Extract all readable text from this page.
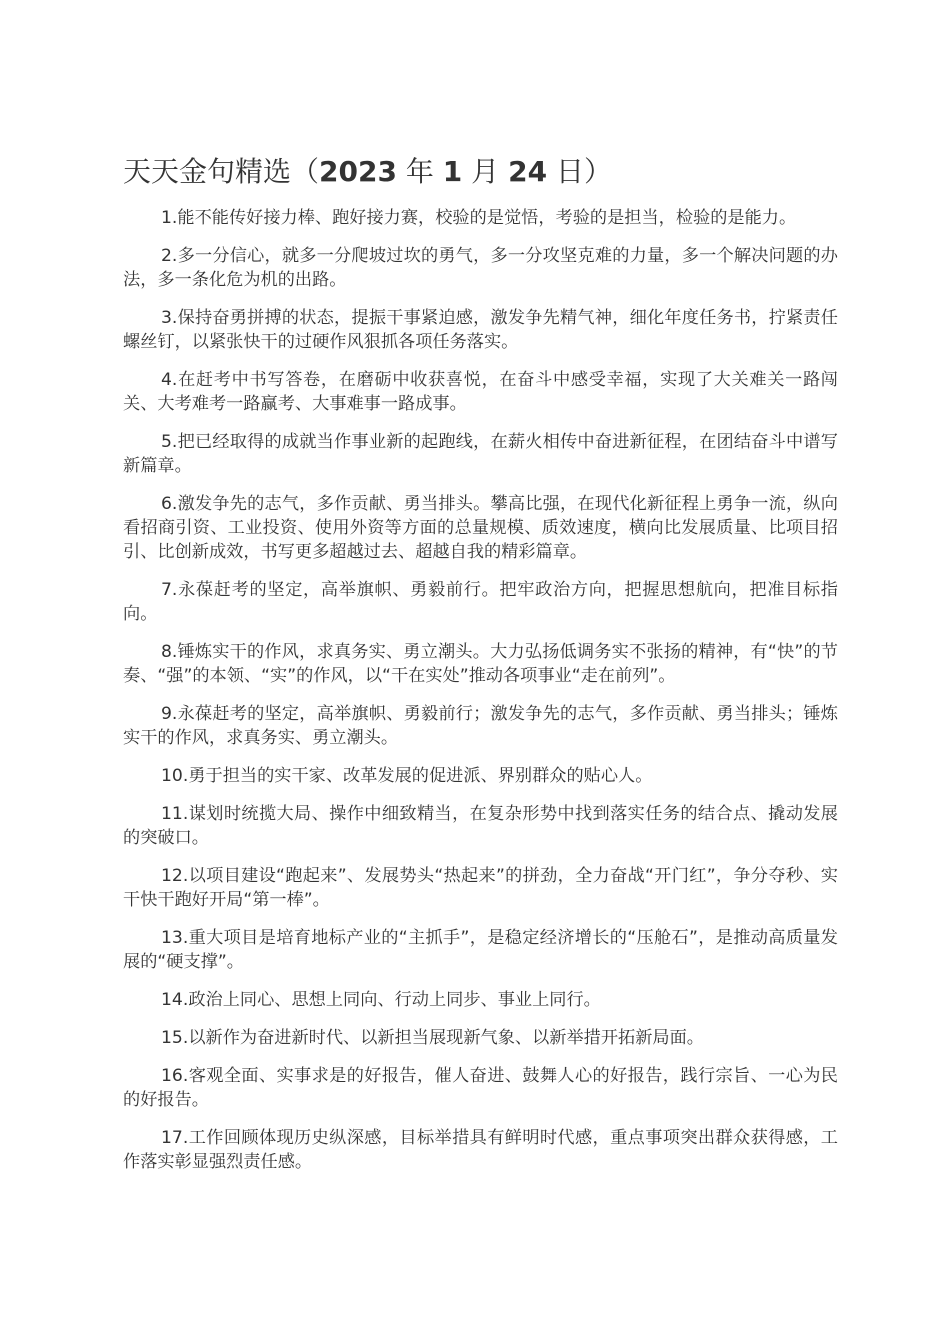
天天金句精选（2023 年 1 月 24 日）

1.能不能传好接力棒、跑好接力赛，校验的是觉悟，考验的是担当，检验的是能力。

2.多一分信心，就多一分爬坡过坎的勇气，多一分攻坚克难的力量，多一个解决问题的办法，多一条化危为机的出路。

3.保持奋勇拼搏的状态，提振干事紧迫感，激发争先精气神，细化年度任务书，拧紧责任螺丝钉，以紧张快干的过硬作风狠抓各项任务落实。

4.在赶考中书写答卷，在磨砺中收获喜悦，在奋斗中感受幸福，实现了大关难关一路闯关、大考难考一路赢考、大事难事一路成事。

5.把已经取得的成就当作事业新的起跑线，在薪火相传中奋进新征程，在团结奋斗中谱写新篇章。

6.激发争先的志气，多作贡献、勇当排头。攀高比强，在现代化新征程上勇争一流，纵向看招商引资、工业投资、使用外资等方面的总量规模、质效速度，横向比发展质量、比项目招引、比创新成效，书写更多超越过去、超越自我的精彩篇章。

7.永葆赶考的坚定，高举旗帜、勇毅前行。把牢政治方向，把握思想航向，把准目标指向。

8.锤炼实干的作风，求真务实、勇立潮头。大力弘扬低调务实不张扬的精神，有“快”的节奏、“强”的本领、“实”的作风，以“干在实处”推动各项事业“走在前列”。

9.永葆赶考的坚定，高举旗帜、勇毅前行；激发争先的志气，多作贡献、勇当排头；锤炼实干的作风，求真务实、勇立潮头。

10.勇于担当的实干家、改革发展的促进派、界别群众的贴心人。

11.谋划时统揽大局、操作中细致精当，在复杂形势中找到落实任务的结合点、撬动发展的突破口。

12.以项目建设“跑起来”、发展势头“热起来”的拼劲，全力奋战“开门红”，争分夺秒、实干快干跑好开局“第一棒”。

13.重大项目是培育地标产业的“主抓手”，是稳定经济增长的“压舱石”，是推动高质量发展的“硬支撑”。

14.政治上同心、思想上同向、行动上同步、事业上同行。

15.以新作为奋进新时代、以新担当展现新气象、以新举措开拓新局面。

16.客观全面、实事求是的好报告，催人奋进、鼓舞人心的好报告，践行宗旨、一心为民的好报告。

17.工作回顾体现历史纵深感，目标举措具有鲜明时代感，重点事项突出群众获得感，工作落实彰显强烈责任感。
